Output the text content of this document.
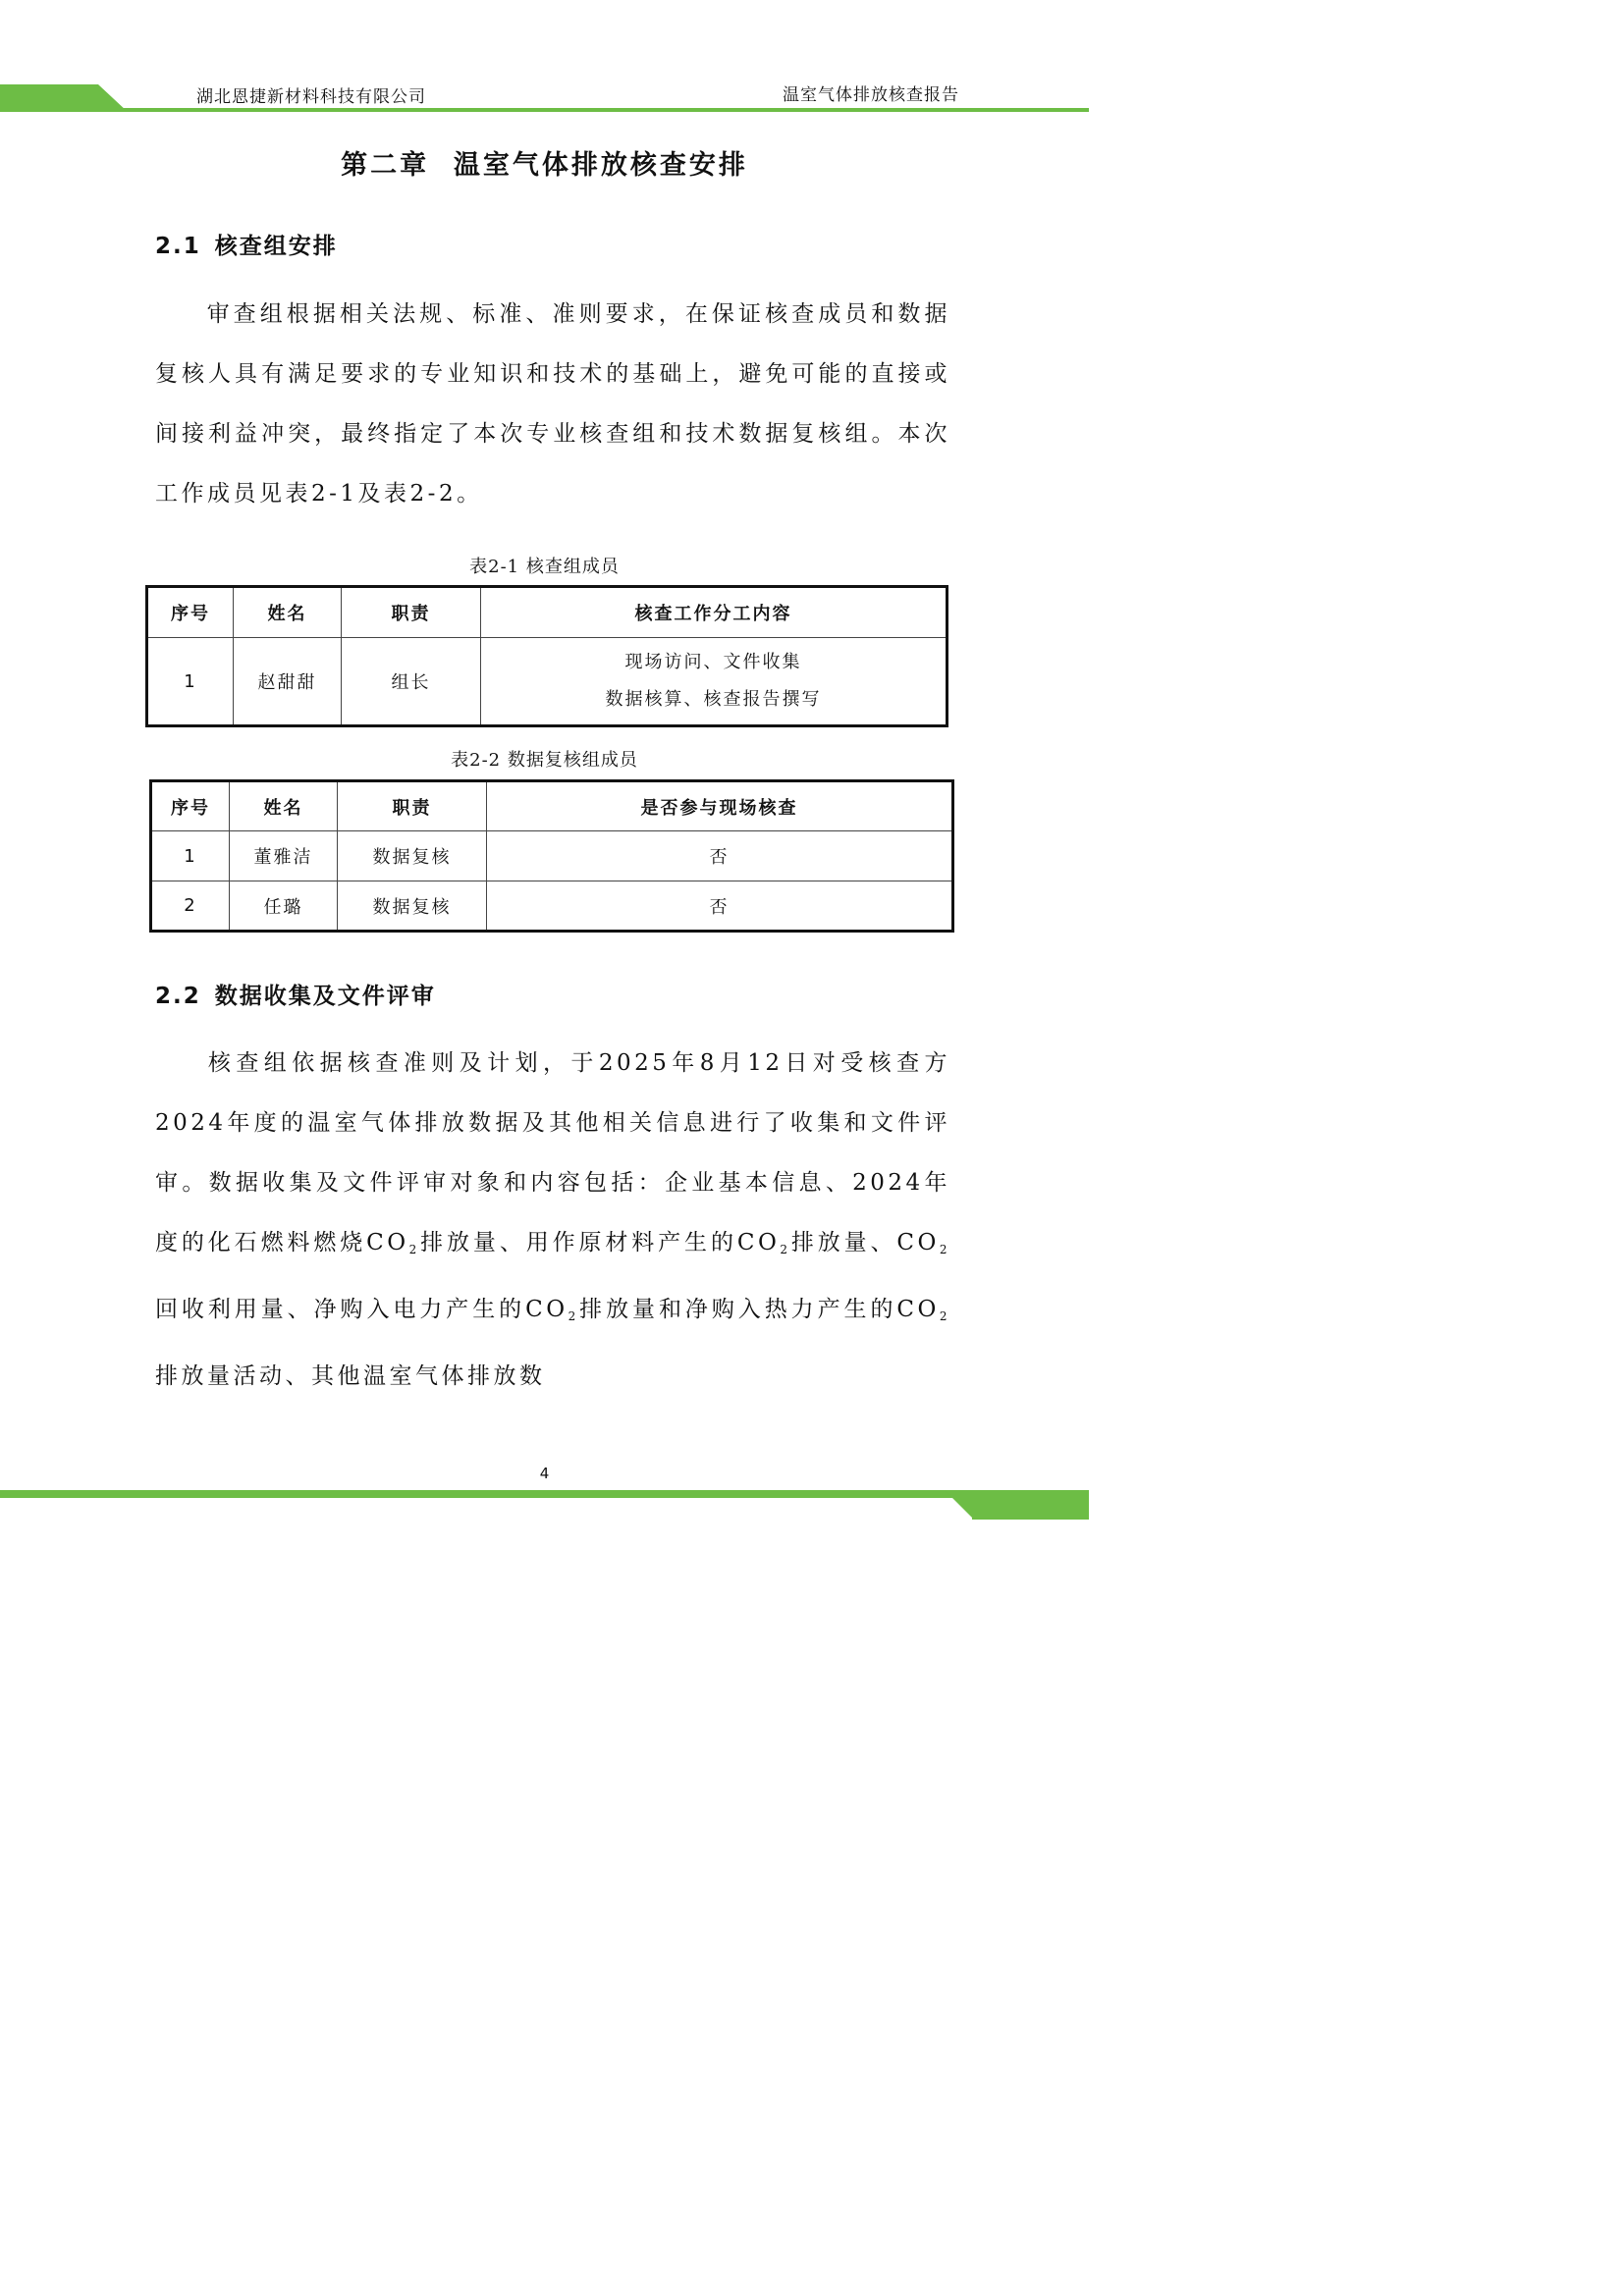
湖北恩捷新材料科技有限公司	温室气体排放核查报告
第二章  温室气体排放核查安排
2.1 核查组安排

审查组根据相关法规、标准、准则要求，在保证核查成员和数据复核人具有满足要求的专业知识和技术的基础上，避免可能的直接或间接利益冲突，最终指定了本次专业核查组和技术数据复核组。本次工作成员见表2-1及表2-2。

表2-1 核查组成员
序号	姓名	职责	核查工作分工内容
1	赵甜甜	组长	现场访问、文件收集
数据核算、核查报告撰写
表2-2 数据复核组成员
序号	姓名	职责	是否参与现场核查
1	董雅洁	数据复核	否
2	任璐	数据复核	否
2.2 数据收集及文件评审

核查组依据核查准则及计划，于2025年8月12日对受核查方2024年度的温室气体排放数据及其他相关信息进行了收集和文件评审。数据收集及文件评审对象和内容包括：企业基本信息、2024年度的化石燃料燃烧$CO_2$排放量、用作原材料产生的$CO_2$排放量、$CO_2$回收利用量、净购入电力产生的$CO_2$排放量和净购入热力产生的$CO_2$排放量活动、其他温室气体排放数

4
